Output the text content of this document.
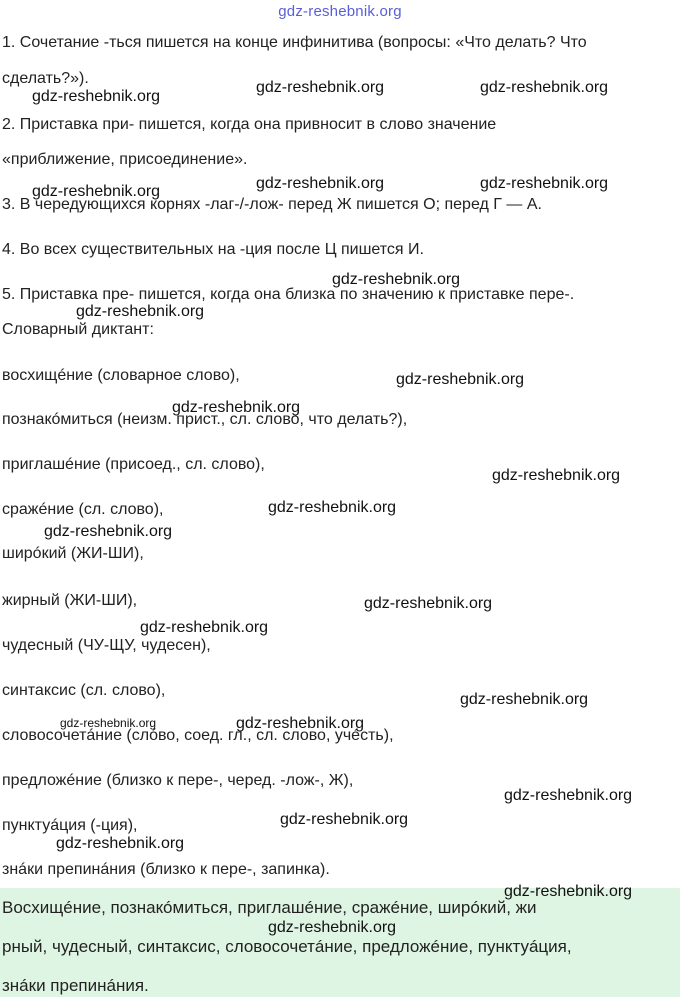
gdz-reshebnik.org
1. Сочетание -ться пишется на конце инфинитива (вопросы: «Что делать? Что
сделать?»).
2. Приставка при- пишется, когда она привносит в слово значение
«приближение, присоединение».
3. В чередующихся корнях -лаг-/-лож- перед Ж пишется О; перед Г — А.
4. Во всех существительных на -ция после Ц пишется И.
5. Приставка пре- пишется, когда она близка по значению к приставке пере-.
Словарный диктант:
восхищéние (словарное слово),
познакóмиться (неизм. прист., сл. слово, что делать?),
приглашéние (присоед., сл. слово),
сражéние (сл. слово),
ширóкий (ЖИ-ШИ),
жирный (ЖИ-ШИ),
чудесный (ЧУ-ЩУ, чудесен),
синтаксис (сл. слово),
словосочетáние (слóво, соед. гл., сл. слово, учéсть),
предложéние (близко к пере-, черед. -лож-, Ж),
пунктуáция (-ция),
знáки препинáния (близко к пере-, запинка).
Восхищéние, познакóмиться, приглашéние, сражéние, ширóкий, жи
рный, чудесный, синтаксис, словосочетáние, предложéние, пунктуáция,
знáки препинáния.
gdz-reshebnik.org
gdz-reshebnik.org	gdz-reshebnik.org
gdz-reshebnik.org	gdz-reshebnik.org	gdz-reshebnik.org
gdz-reshebnik.org
gdz-reshebnik.org
gdz-reshebnik.org
gdz-reshebnik.org
gdz-reshebnik.org
gdz-reshebnik.org
gdz-reshebnik.org
gdz-reshebnik.org
gdz-reshebnik.org
gdz-reshebnik.org
gdz-reshebnik.org	gdz-reshebnik.org
gdz-reshebnik.org
gdz-reshebnik.org
gdz-reshebnik.org
gdz-reshebnik.org
gdz-reshebnik.org
